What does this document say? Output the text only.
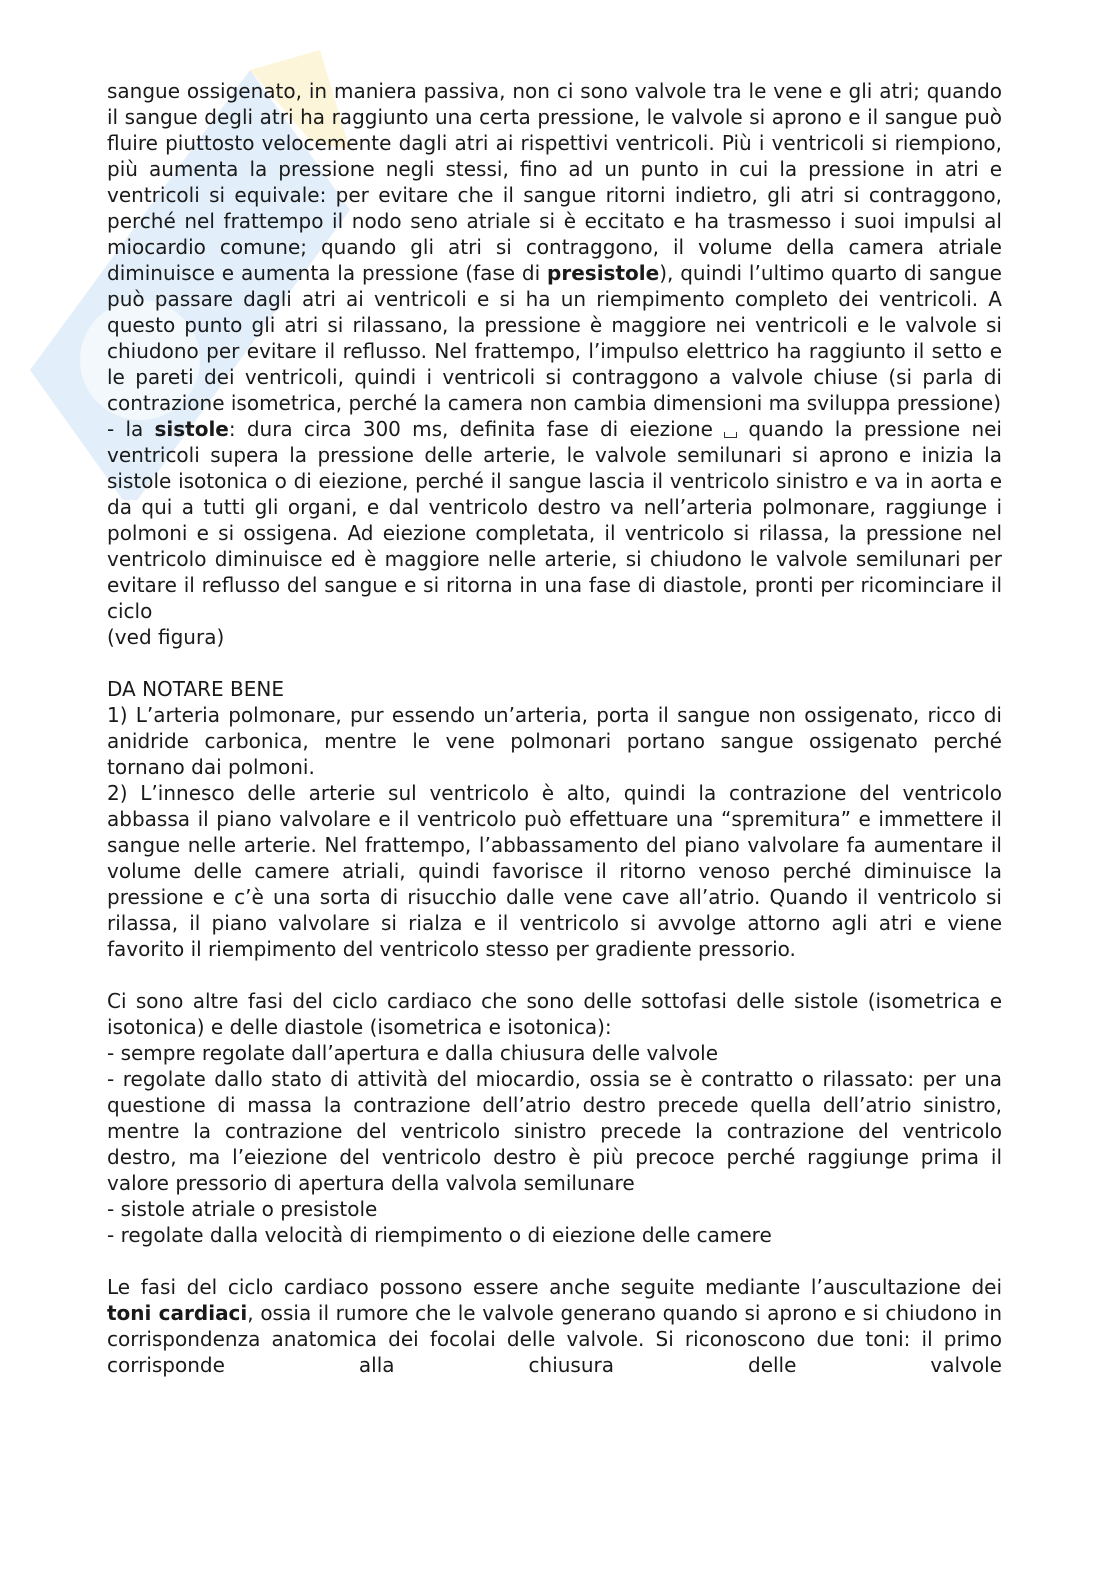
sangue ossigenato, in maniera passiva, non ci sono valvole tra le vene e gli atri; quando il sangue degli atri ha raggiunto una certa pressione, le valvole si aprono e il sangue può fluire piuttosto velocemente dagli atri ai rispettivi ventricoli. Più i ventricoli si riempiono, più aumenta la pressione negli stessi, fino ad un punto in cui la pressione in atri e ventricoli si equivale: per evitare che il sangue ritorni indietro, gli atri si contraggono, perché nel frattempo il nodo seno atriale si è eccitato e ha trasmesso i suoi impulsi al miocardio comune; quando gli atri si contraggono, il volume della camera atriale diminuisce e aumenta la pressione (fase di presistole), quindi l’ultimo quarto di sangue può passare dagli atri ai ventricoli e si ha un riempimento completo dei ventricoli. A questo punto gli atri si rilassano, la pressione è maggiore nei ventricoli e le valvole si chiudono per evitare il reflusso. Nel frattempo, l’impulso elettrico ha raggiunto il setto e le pareti dei ventricoli, quindi i ventricoli si contraggono a valvole chiuse (si parla di contrazione isometrica, perché la camera non cambia dimensioni ma sviluppa pressione)

- la sistole: dura circa 300 ms, definita fase di eiezione  quando la pressione nei ventricoli supera la pressione delle arterie, le valvole semilunari si aprono e inizia la sistole isotonica o di eiezione, perché il sangue lascia il ventricolo sinistro e va in aorta e da qui a tutti gli organi, e dal ventricolo destro va nell’arteria polmonare, raggiunge i polmoni e si ossigena. Ad eiezione completata, il ventricolo si rilassa, la pressione nel ventricolo diminuisce ed è maggiore nelle arterie, si chiudono le valvole semilunari per evitare il reflusso del sangue e si ritorna in una fase di diastole, pronti per ricominciare il ciclo

(ved figura)

DA NOTARE BENE

1) L’arteria polmonare, pur essendo un’arteria, porta il sangue non ossigenato, ricco di anidride carbonica, mentre le vene polmonari portano sangue ossigenato perché tornano dai polmoni.

2) L’innesco delle arterie sul ventricolo è alto, quindi la contrazione del ventricolo abbassa il piano valvolare e il ventricolo può effettuare una “spremitura” e immettere il sangue nelle arterie. Nel frattempo, l’abbassamento del piano valvolare fa aumentare il volume delle camere atriali, quindi favorisce il ritorno venoso perché diminuisce la pressione e c’è una sorta di risucchio dalle vene cave all’atrio. Quando il ventricolo si rilassa, il piano valvolare si rialza e il ventricolo si avvolge attorno agli atri e viene favorito il riempimento del ventricolo stesso per gradiente pressorio.

Ci sono altre fasi del ciclo cardiaco che sono delle sottofasi delle sistole (isometrica e isotonica) e delle diastole (isometrica e isotonica):

- sempre regolate dall’apertura e dalla chiusura delle valvole

- regolate dallo stato di attività del miocardio, ossia se è contratto o rilassato: per una questione di massa la contrazione dell’atrio destro precede quella dell’atrio sinistro, mentre la contrazione del ventricolo sinistro precede la contrazione del ventricolo destro, ma l’eiezione del ventricolo destro è più precoce perché raggiunge prima il valore pressorio di apertura della valvola semilunare

- sistole atriale o presistole

- regolate dalla velocità di riempimento o di eiezione delle camere

Le fasi del ciclo cardiaco possono essere anche seguite mediante l’auscultazione dei toni cardiaci, ossia il rumore che le valvole generano quando si aprono e si chiudono in corrispondenza anatomica dei focolai delle valvole. Si riconoscono due toni: il primo corrisponde alla chiusura delle valvole
